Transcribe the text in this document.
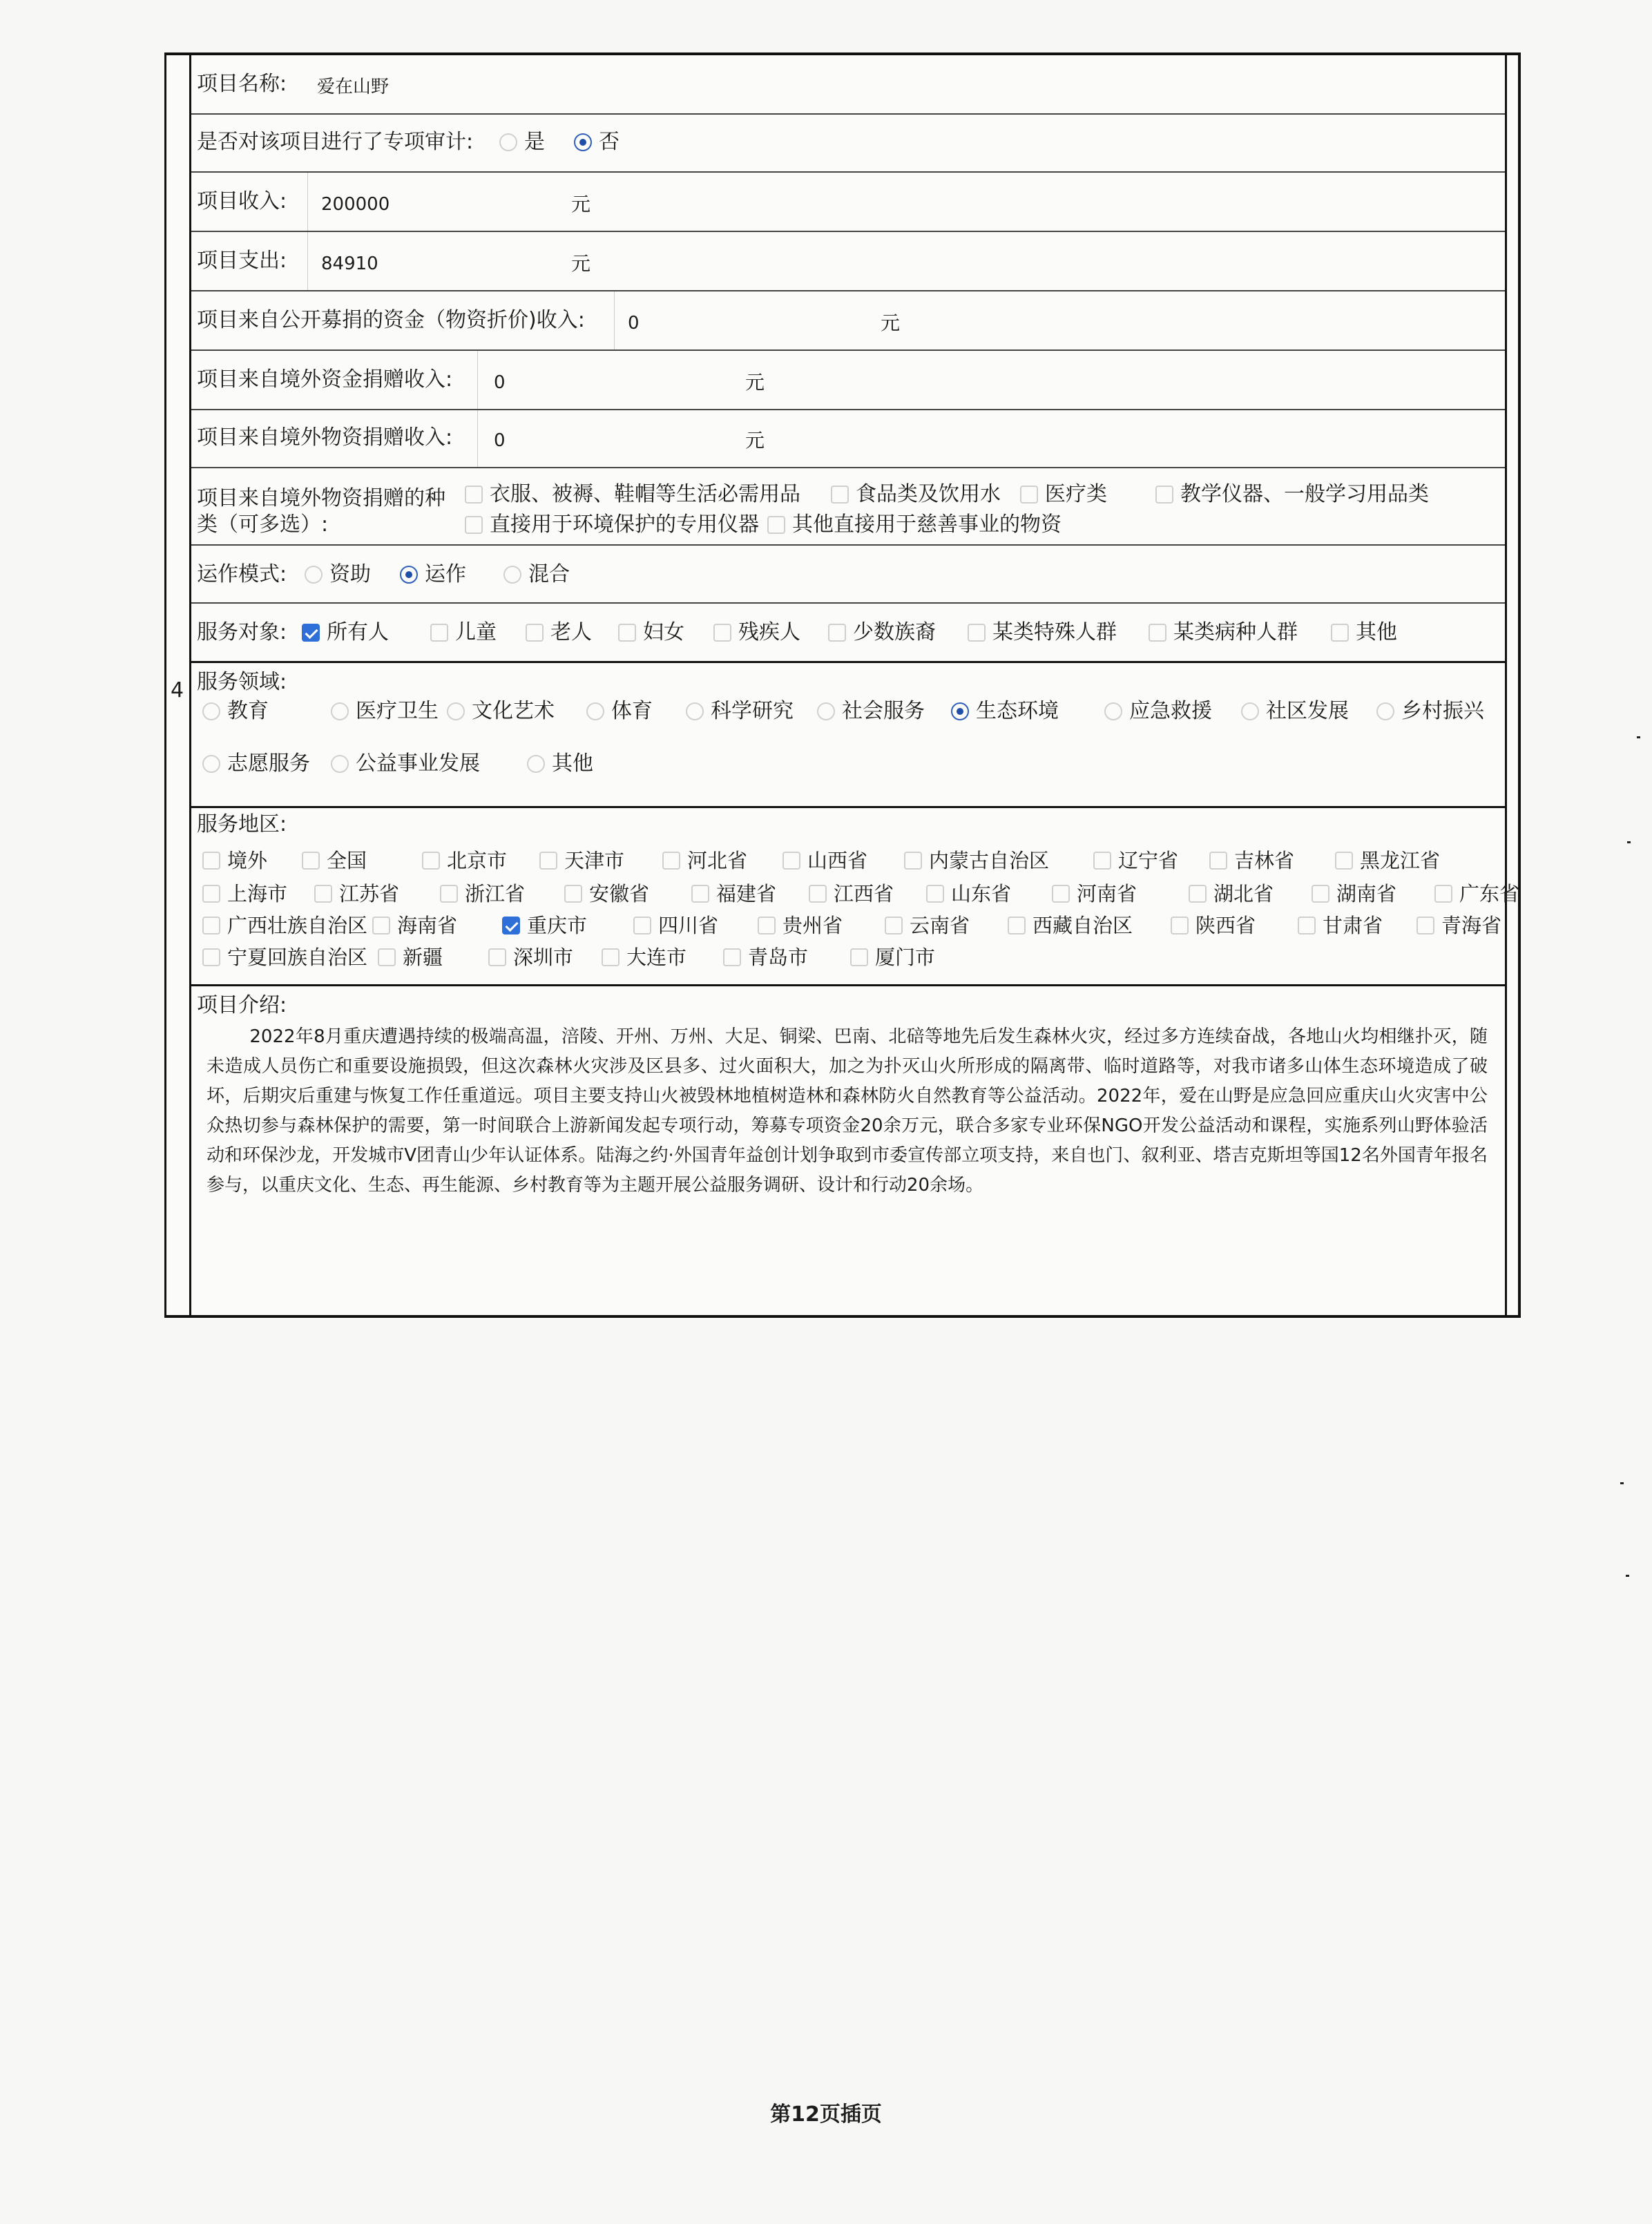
4
项目名称: 爱在山野
是否对该项目进行了专项审计: 是	否
项目收入: 200000	元
项目支出: 84910	元
项目来自公开募捐的资金（物资折价)收入: 0	元
项目来自境外资金捐赠收入: 0	元
项目来自境外物资捐赠收入: 0	元
项目来自境外物资捐赠的种
类（可多选）:
衣服、被褥、鞋帽等生活必需用品	食品类及饮用水 医疗类	教学仪器、一般学习用品类
直接用于环境保护的专用仪器 其他直接用于慈善事业的物资
运作模式: 资助	运作	混合
服务对象: 所有人	儿童	老人 妇女	残疾人	少数族裔	某类特殊人群	某类病种人群	其他
服务领域:
教育	医疗卫生 文化艺术	体育	科学研究 社会服务 生态环境	应急救援	社区发展	乡村振兴
志愿服务 公益事业发展	其他
服务地区:
境外	全国	北京市	天津市	河北省	山西省	内蒙古自治区	辽宁省	吉林省	黑龙江省
上海市	江苏省	浙江省	安徽省	福建省	江西省	山东省	河南省	湖北省	湖南省	广东省
广西壮族自治区 海南省	重庆市	四川省	贵州省	云南省	西藏自治区	陕西省	甘肃省	青海省
宁夏回族自治区 新疆	深圳市	大连市	青岛市	厦门市
项目介绍:
2022年8月重庆遭遇持续的极端高温，涪陵、开州、万州、大足、铜梁、巴南、北碚等地先后发生森林火灾，经过多方连续奋战，各地山火均相继扑灭，随未造成人员伤亡和重要设施损毁，但这次森林火灾涉及区县多、过火面积大，加之为扑灭山火所形成的隔离带、临时道路等，对我市诸多山体生态环境造成了破坏，后期灾后重建与恢复工作任重道远。项目主要支持山火被毁林地植树造林和森林防火自然教育等公益活动。2022年，爱在山野是应急回应重庆山火灾害中公众热切参与森林保护的需要，第一时间联合上游新闻发起专项行动，筹募专项资金20余万元，联合多家专业环保NGO开发公益活动和课程，实施系列山野体验活动和环保沙龙，开发城市V团青山少年认证体系。陆海之约·外国青年益创计划争取到市委宣传部立项支持，来自也门、叙利亚、塔吉克斯坦等国12名外国青年报名参与，以重庆文化、生态、再生能源、乡村教育等为主题开展公益服务调研、设计和行动20余场。
第12页插页
